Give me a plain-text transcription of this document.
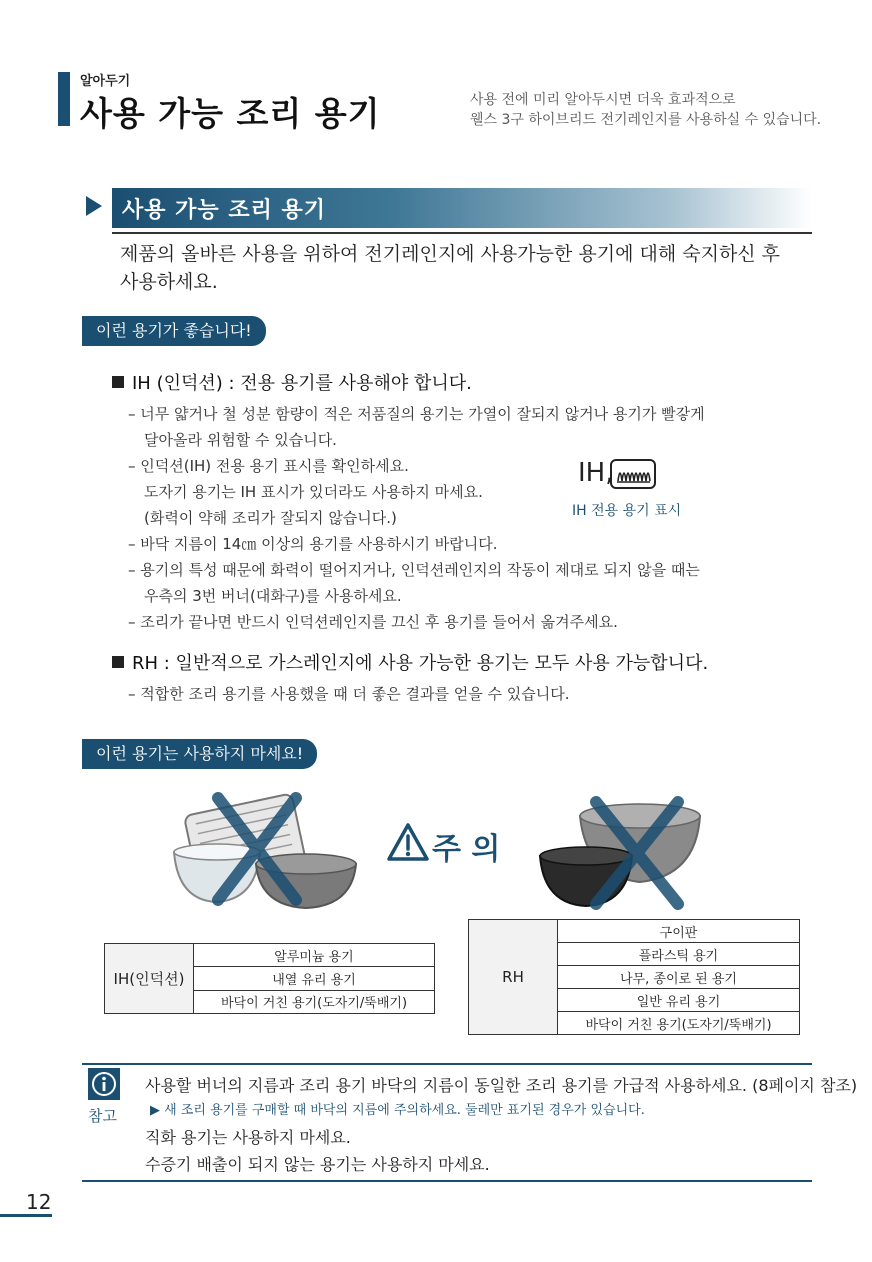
알아두기
사용 가능 조리 용기	사용 전에 미리 알아두시면 더욱 효과적으로
웰스 3구 하이브리드 전기레인지를 사용하실 수 있습니다.
사용 가능 조리 용기
제품의 올바른 사용을 위하여 전기레인지에 사용가능한 용기에 대해 숙지하신 후
사용하세요.
이런 용기가 좋습니다!
IH (인덕션) : 전용 용기를 사용해야 합니다.
– 너무 얇거나 철 성분 함량이 적은 저품질의 용기는 가열이 잘되지 않거나 용기가 빨갛게
달아올라 위험할 수 있습니다.
– 인덕션(IH) 전용 용기 표시를 확인하세요.
도자기 용기는 IH 표시가 있더라도 사용하지 마세요.
(화력이 약해 조리가 잘되지 않습니다.)
– 바닥 지름이 14㎝ 이상의 용기를 사용하시기 바랍니다.
– 용기의 특성 때문에 화력이 떨어지거나, 인덕션레인지의 작동이 제대로 되지 않을 때는
우측의 3번 버너(대화구)를 사용하세요.
– 조리가 끝나면 반드시 인덕션레인지를 끄신 후 용기를 들어서 옮겨주세요.
IH,
IH 전용 용기 표시
RH : 일반적으로 가스레인지에 사용 가능한 용기는 모두 사용 가능합니다.
– 적합한 조리 용기를 사용했을 때 더 좋은 결과를 얻을 수 있습니다.
이런 용기는 사용하지 마세요!
주 의
IH(인덕션)	알루미늄 용기
내열 유리 용기
바닥이 거친 용기(도자기/뚝배기)
RH	구이판
플라스틱 용기
나무, 종이로 된 용기
일반 유리 용기
바닥이 거친 용기(도자기/뚝배기)
참고
사용할 버너의 지름과 조리 용기 바닥의 지름이 동일한 조리 용기를 가급적 사용하세요. (8페이지 참조)
▶ 새 조리 용기를 구매할 때 바닥의 지름에 주의하세요. 둘레만 표기된 경우가 있습니다.
직화 용기는 사용하지 마세요.
수증기 배출이 되지 않는 용기는 사용하지 마세요.
12
